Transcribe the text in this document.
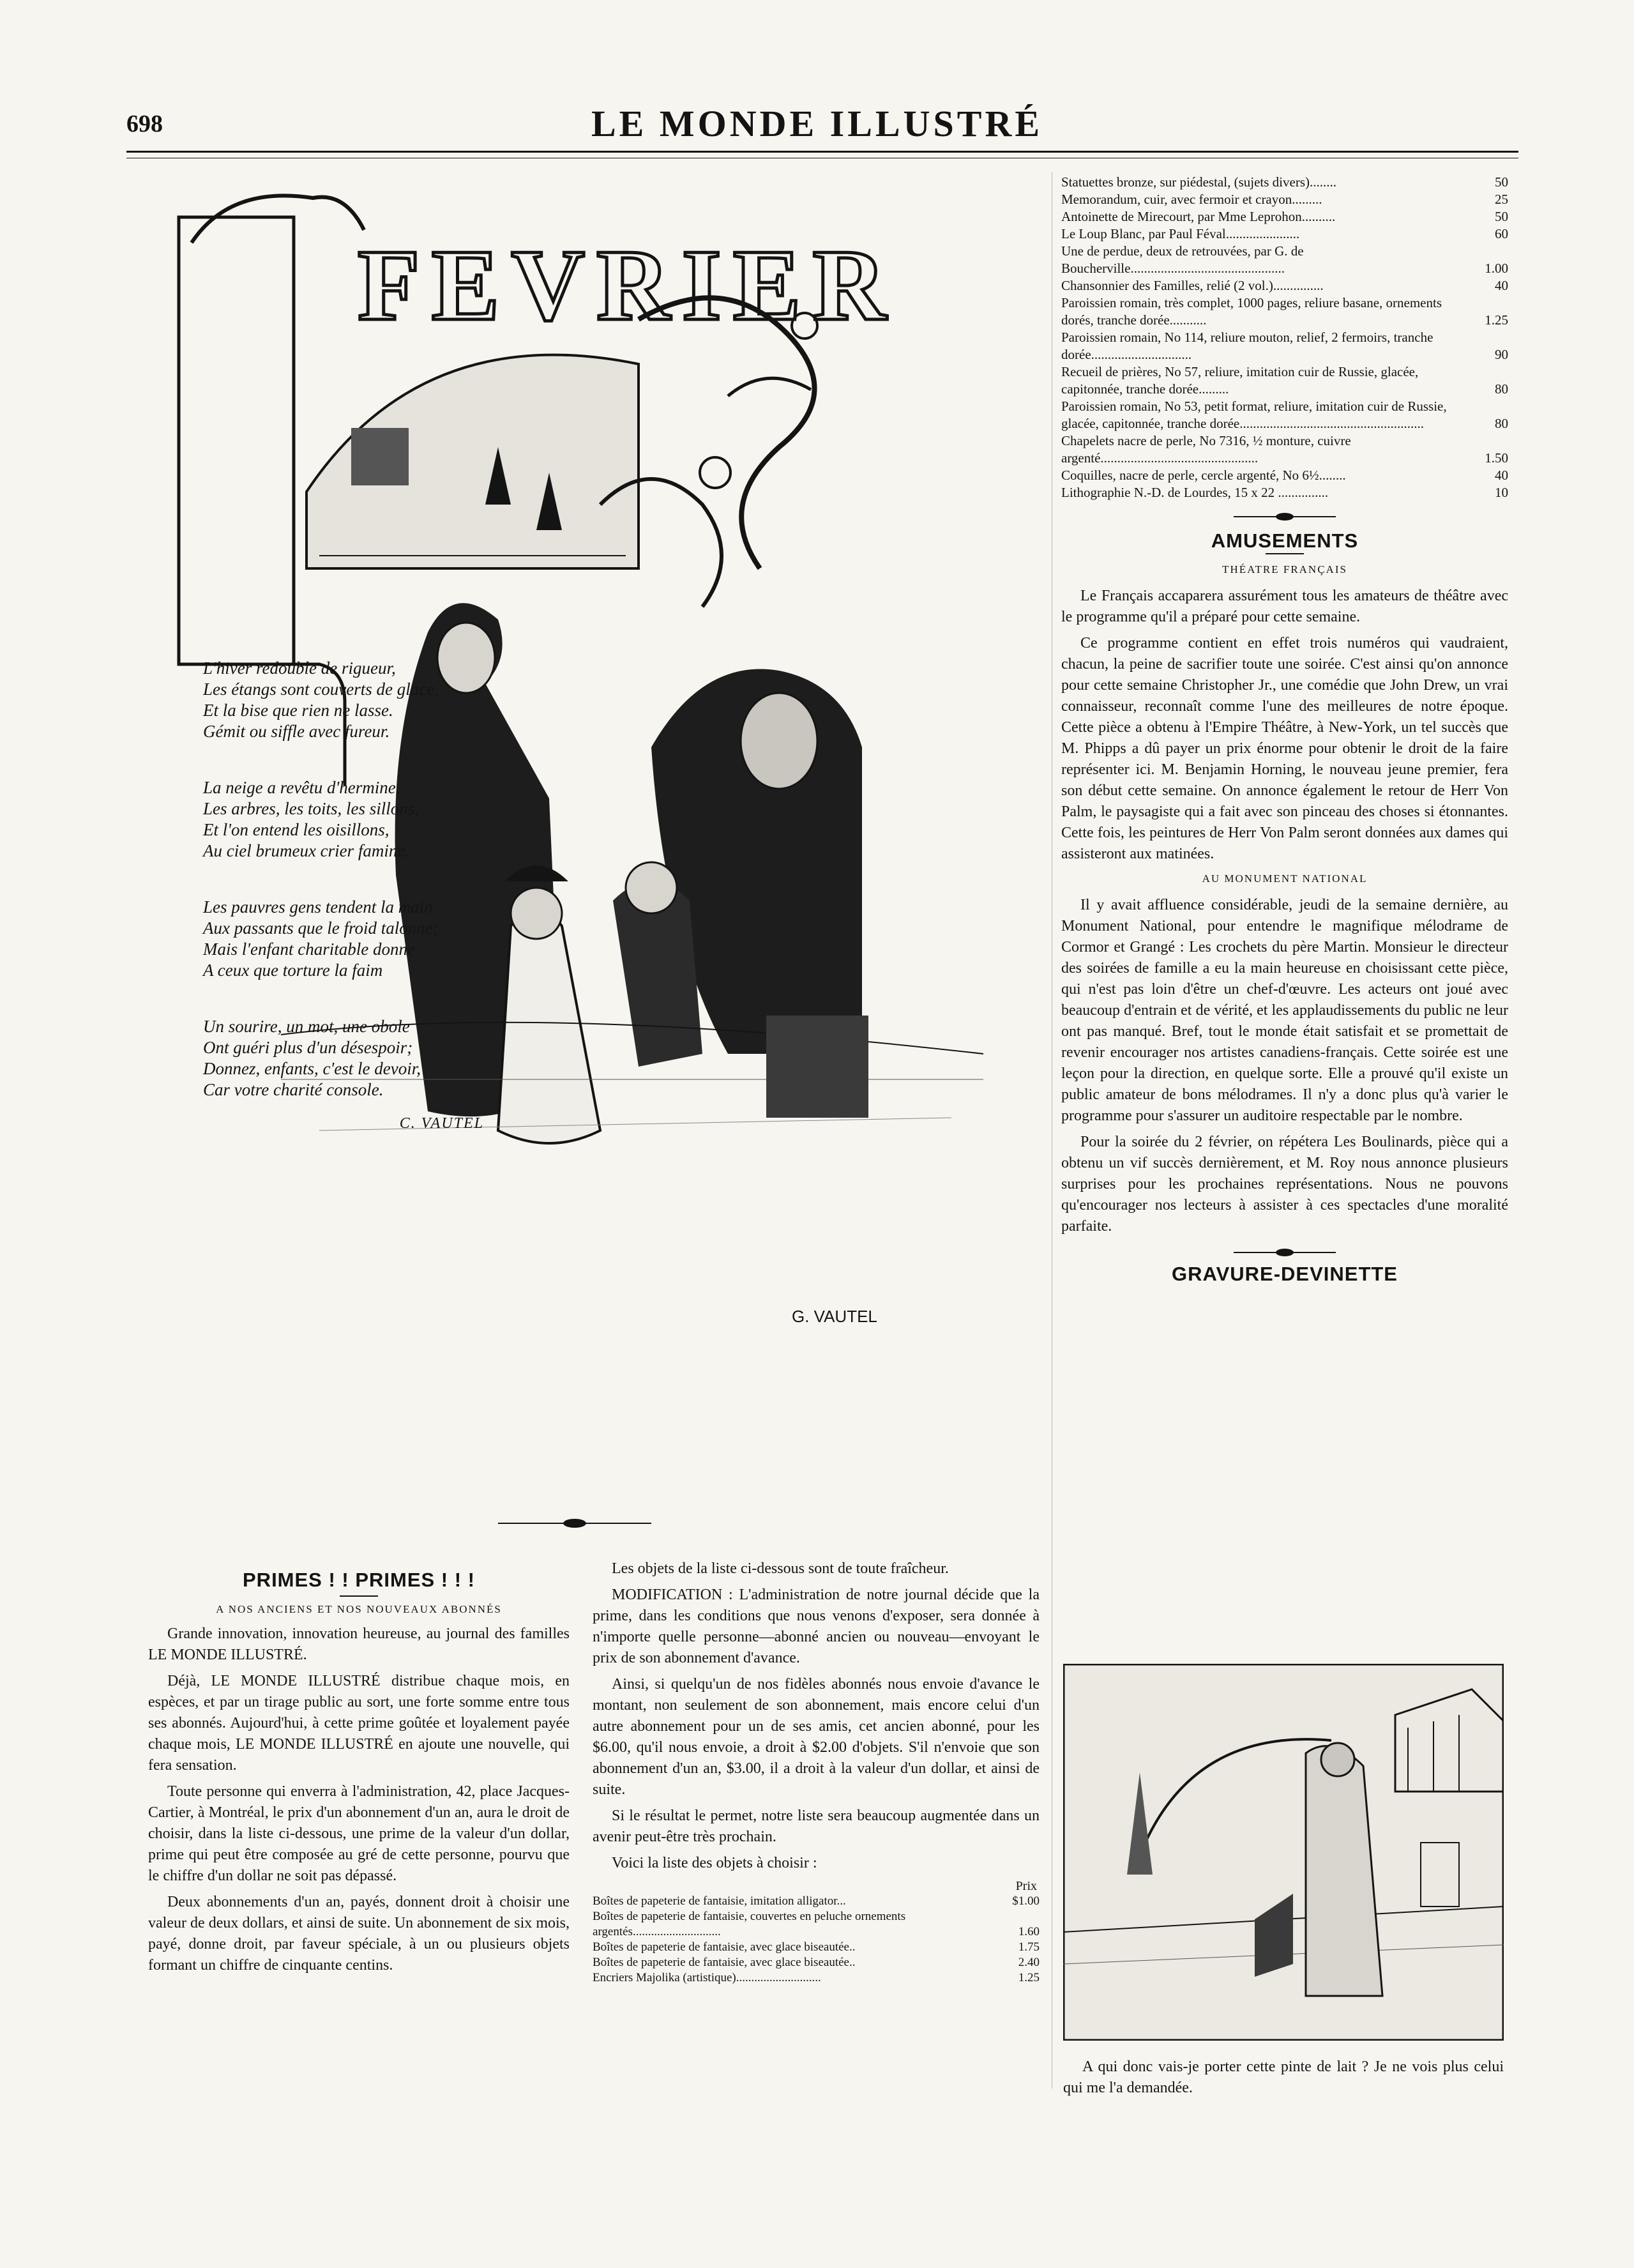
698	LE MONDE ILLUSTRÉ
FEVRIER
G. VAUTEL
L'hiver redouble de rigueur,
Les étangs sont couverts de glace,
Et la bise que rien ne lasse.
Gémit ou siffle avec fureur.
La neige a revêtu d'hermine,
Les arbres, les toits, les sillons,
Et l'on entend les oisillons,
Au ciel brumeux crier famine.
Les pauvres gens tendent la main
Aux passants que le froid talonne;
Mais l'enfant charitable donne
A ceux que torture la faim
Un sourire, un mot, une obole
Ont guéri plus d'un désespoir;
Donnez, enfants, c'est le devoir,
Car votre charité console.
C. VAUTEL
Statuettes bronze, sur piédestal, (sujets divers)........	50
Memorandum, cuir, avec fermoir et crayon.........	25
Antoinette de Mirecourt, par Mme Leprohon..........	50
Le Loup Blanc, par Paul Féval......................	60
Une de perdue, deux de retrouvées, par G. de Boucherville..............................................	1.00
Chansonnier des Familles, relié (2 vol.)...............	40
Paroissien romain, très complet, 1000 pages, reliure basane, ornements dorés, tranche dorée...........	1.25
Paroissien romain, No 114, reliure mouton, relief, 2 fermoirs, tranche dorée..............................	90
Recueil de prières, No 57, reliure, imitation cuir de Russie, glacée, capitonnée, tranche dorée.........	80
Paroissien romain, No 53, petit format, reliure, imitation cuir de Russie, glacée, capitonnée, tranche dorée.......................................................	80
Chapelets nacre de perle, No 7316, ½ monture, cuivre argenté...............................................	1.50
Coquilles, nacre de perle, cercle argenté, No 6½........	40
Lithographie N.-D. de Lourdes, 15 x 22 ...............	10
AMUSEMENTS
THÉATRE FRANÇAIS

Le Français accaparera assurément tous les amateurs de théâtre avec le programme qu'il a préparé pour cette semaine.

Ce programme contient en effet trois numéros qui vaudraient, chacun, la peine de sacrifier toute une soirée. C'est ainsi qu'on annonce pour cette semaine Christopher Jr., une comédie que John Drew, un vrai connaisseur, reconnaît comme l'une des meilleures de notre époque. Cette pièce a obtenu à l'Empire Théâtre, à New-York, un tel succès que M. Phipps a dû payer un prix énorme pour obtenir le droit de la faire représenter ici. M. Benjamin Horning, le nouveau jeune premier, fera son début cette semaine. On annonce également le retour de Herr Von Palm, le paysagiste qui a fait avec son pinceau des choses si étonnantes. Cette fois, les peintures de Herr Von Palm seront données aux dames qui assisteront aux matinées.

AU MONUMENT NATIONAL

Il y avait affluence considérable, jeudi de la semaine dernière, au Monument National, pour entendre le magnifique mélodrame de Cormor et Grangé : Les crochets du père Martin. Monsieur le directeur des soirées de famille a eu la main heureuse en choisissant cette pièce, qui n'est pas loin d'être un chef-d'œuvre. Les acteurs ont joué avec beaucoup d'entrain et de vérité, et les applaudissements du public ne leur ont pas manqué. Bref, tout le monde était satisfait et se promettait de revenir encourager nos artistes canadiens-français. Cette soirée est une leçon pour la direction, en quelque sorte. Elle a prouvé qu'il existe un public amateur de bons mélodrames. Il n'y a donc plus qu'à varier le programme pour s'assurer un auditoire respectable par le nombre.

Pour la soirée du 2 février, on répétera Les Boulinards, pièce qui a obtenu un vif succès dernièrement, et M. Roy nous annonce plusieurs surprises pour les prochaines représentations. Nous ne pouvons qu'encourager nos lecteurs à assister à ces spectacles d'une moralité parfaite.

GRAVURE-DEVINETTE
A qui donc vais-je porter cette pinte de lait ? Je ne vois plus celui qui me l'a demandée.
PRIMES ! ! PRIMES ! ! !
A NOS ANCIENS ET NOS NOUVEAUX ABONNÉS

Grande innovation, innovation heureuse, au journal des familles LE MONDE ILLUSTRÉ.

Déjà, LE MONDE ILLUSTRÉ distribue chaque mois, en espèces, et par un tirage public au sort, une forte somme entre tous ses abonnés. Aujourd'hui, à cette prime goûtée et loyalement payée chaque mois, LE MONDE ILLUSTRÉ en ajoute une nouvelle, qui fera sensation.

Toute personne qui enverra à l'administration, 42, place Jacques-Cartier, à Montréal, le prix d'un abonnement d'un an, aura le droit de choisir, dans la liste ci-dessous, une prime de la valeur d'un dollar, prime qui peut être composée au gré de cette personne, pourvu que le chiffre d'un dollar ne soit pas dépassé.

Deux abonnements d'un an, payés, donnent droit à choisir une valeur de deux dollars, et ainsi de suite. Un abonnement de six mois, payé, donne droit, par faveur spéciale, à un ou plusieurs objets formant un chiffre de cinquante centins.

Les objets de la liste ci-dessous sont de toute fraîcheur.

MODIFICATION : L'administration de notre journal décide que la prime, dans les conditions que nous venons d'exposer, sera donnée à n'importe quelle personne—abonné ancien ou nouveau—envoyant le prix de son abonnement d'avance.

Ainsi, si quelqu'un de nos fidèles abonnés nous envoie d'avance le montant, non seulement de son abonnement, mais encore celui d'un autre abonnement pour un de ses amis, cet ancien abonné, pour les $6.00, qu'il nous envoie, a droit à $2.00 d'objets. S'il n'envoie que son abonnement d'un an, $3.00, il a droit à la valeur d'un dollar, et ainsi de suite.

Si le résultat le permet, notre liste sera beaucoup augmentée dans un avenir peut-être très prochain.

Voici la liste des objets à choisir :

Prix
Boîtes de papeterie de fantaisie, imitation alligator...	$1.00
Boîtes de papeterie de fantaisie, couvertes en peluche ornements argentés.............................	1.60
Boîtes de papeterie de fantaisie, avec glace biseautée..	1.75
Boîtes de papeterie de fantaisie, avec glace biseautée..	2.40
Encriers Majolika (artistique)............................	1.25
